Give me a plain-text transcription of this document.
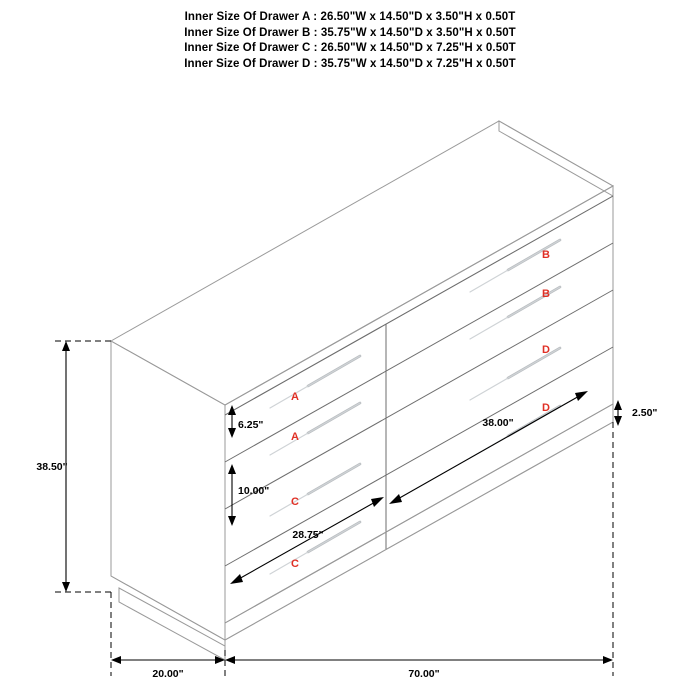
Inner Size Of Drawer A : 26.50"W x 14.50"D x 3.50"H x 0.50T
Inner Size Of Drawer B : 35.75"W x 14.50"D x 3.50"H x 0.50T
Inner Size Of Drawer C : 26.50"W x 14.50"D x 7.25"H x 0.50T
Inner Size Of Drawer D : 35.75"W x 14.50"D x 7.25"H x 0.50T
B
B
D
D
A
A
C
C
38.50"
20.00"	70.00"
2.50"
6.25"
10.00"
38.00"
28.75"
